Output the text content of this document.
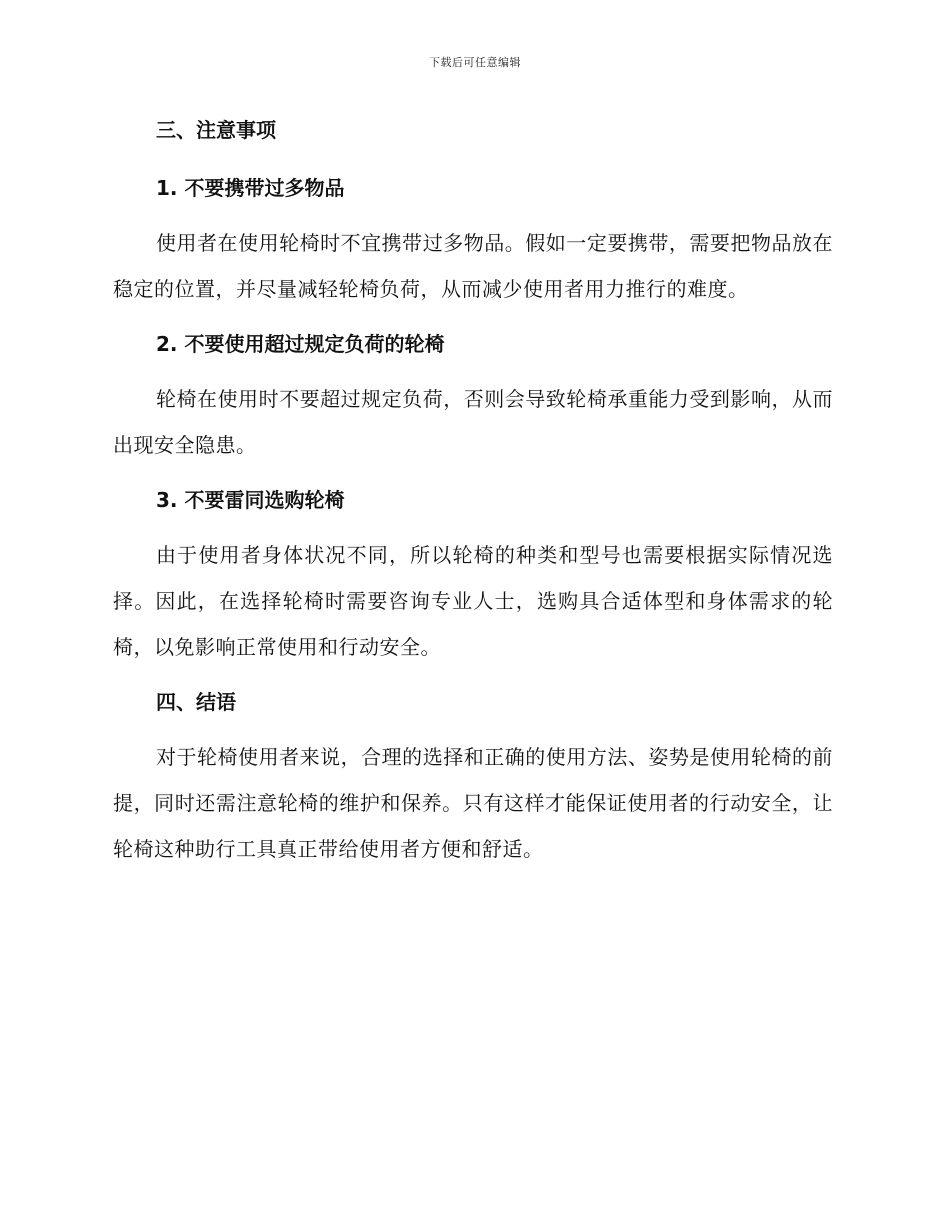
下载后可任意编辑
三、注意事项
1. 不要携带过多物品

使用者在使用轮椅时不宜携带过多物品。假如一定要携带，需要把物品放在稳定的位置，并尽量减轻轮椅负荷，从而减少使用者用力推行的难度。

2. 不要使用超过规定负荷的轮椅

轮椅在使用时不要超过规定负荷，否则会导致轮椅承重能力受到影响，从而出现安全隐患。

3. 不要雷同选购轮椅

由于使用者身体状况不同，所以轮椅的种类和型号也需要根据实际情况选择。因此，在选择轮椅时需要咨询专业人士，选购具合适体型和身体需求的轮椅，以免影响正常使用和行动安全。

四、结语

对于轮椅使用者来说，合理的选择和正确的使用方法、姿势是使用轮椅的前提，同时还需注意轮椅的维护和保养。只有这样才能保证使用者的行动安全，让轮椅这种助行工具真正带给使用者方便和舒适。
